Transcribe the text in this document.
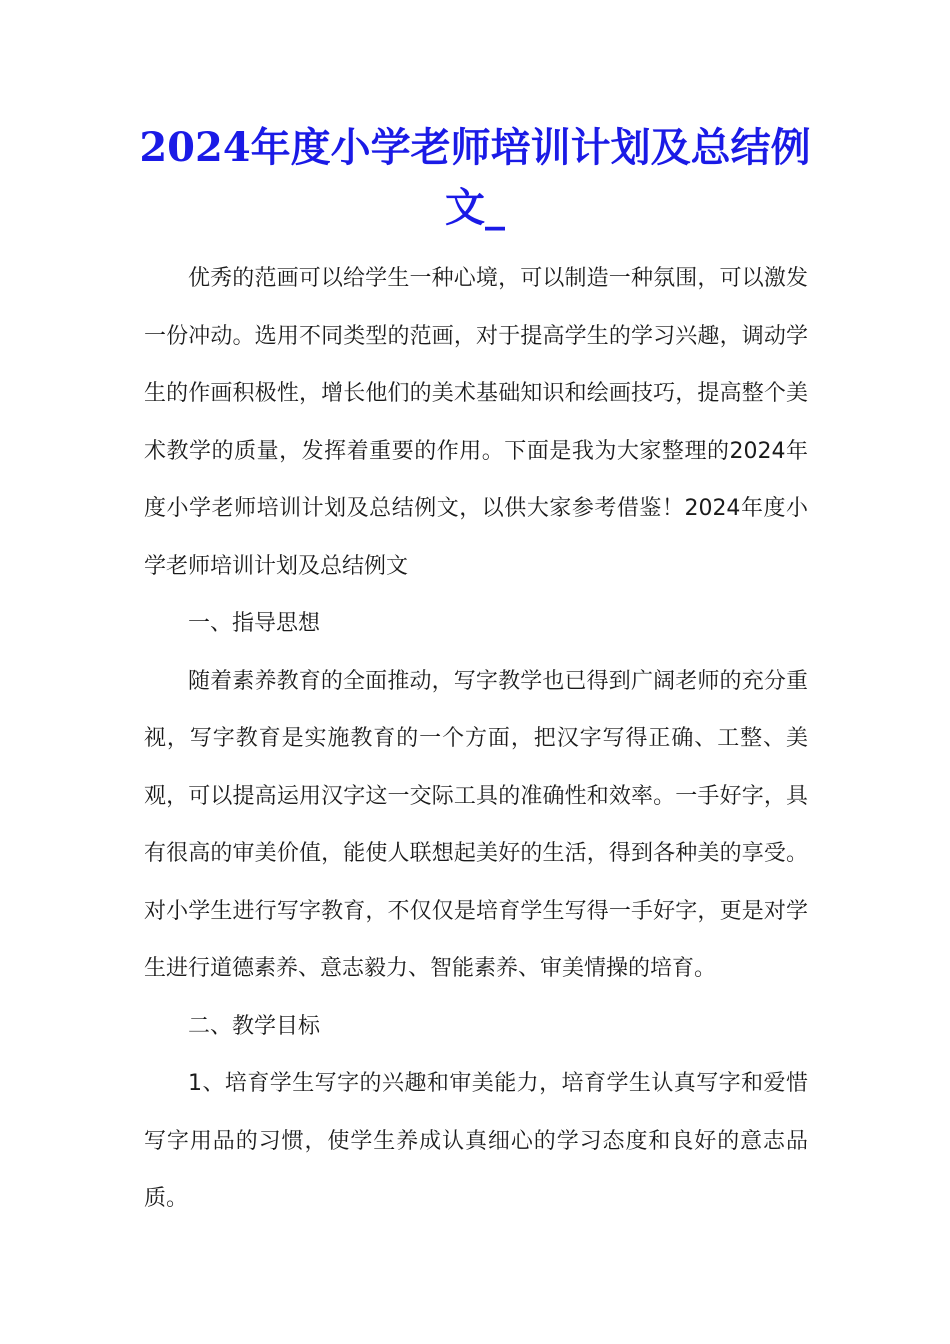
2024年度小学老师培训计划及总结例文_

优秀的范画可以给学生一种心境，可以制造一种氛围，可以激发一份冲动。选用不同类型的范画，对于提高学生的学习兴趣，调动学生的作画积极性，增长他们的美术基础知识和绘画技巧，提高整个美术教学的质量，发挥着重要的作用。下面是我为大家整理的2024年度小学老师培训计划及总结例文，以供大家参考借鉴！2024年度小学老师培训计划及总结例文

一、指导思想

随着素养教育的全面推动，写字教学也已得到广阔老师的充分重视，写字教育是实施教育的一个方面，把汉字写得正确、工整、美观，可以提高运用汉字这一交际工具的准确性和效率。一手好字，具有很高的审美价值，能使人联想起美好的生活，得到各种美的享受。对小学生进行写字教育，不仅仅是培育学生写得一手好字，更是对学生进行道德素养、意志毅力、智能素养、审美情操的培育。

二、教学目标

1、培育学生写字的兴趣和审美能力，培育学生认真写字和爱惜写字用品的习惯，使学生养成认真细心的学习态度和良好的意志品质。
